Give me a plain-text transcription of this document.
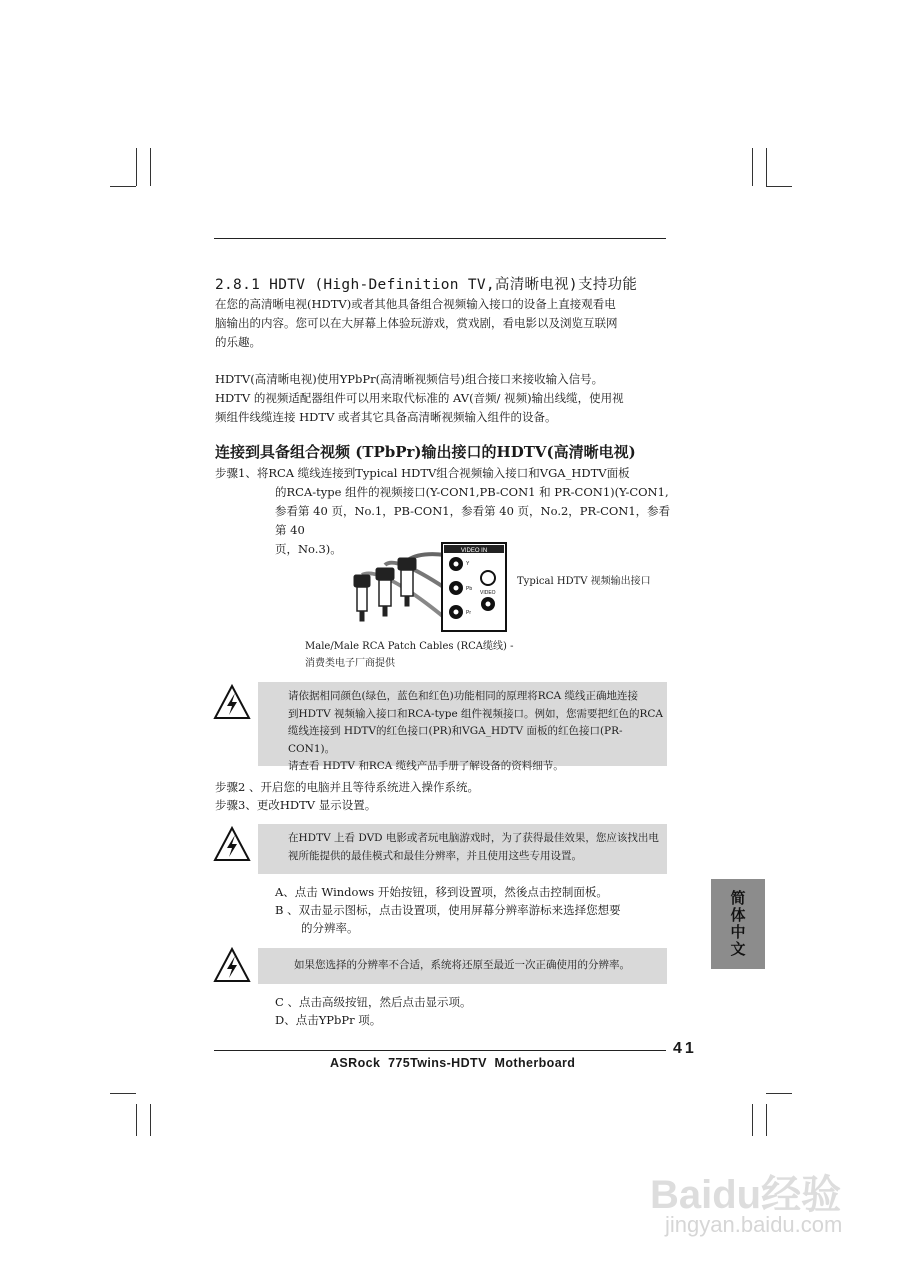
2.8.1 HDTV (High-Definition TV,高清晰电视)支持功能
在您的高清晰电视(HDTV)或者其他具备组合视频输入接口的设备上直接观看电
脑输出的内容。您可以在大屏幕上体验玩游戏，赏戏剧，看电影以及浏览互联网
的乐趣。
HDTV(高清晰电视)使用YPbPr(高清晰视频信号)组合接口来接收输入信号。
HDTV 的视频适配器组件可以用来取代标准的 AV(音频/ 视频)输出线缆，使用视
频组件线缆连接 HDTV 或者其它具备高清晰视频输入组件的设备。
连接到具备组合视频 (TPbPr)输出接口的HDTV(高清晰电视)
步骤1、将RCA 缆线连接到Typical HDTV组合视频输入接口和VGA_HDTV面板
的RCA-type 组件的视频接口(Y-CON1,PB-CON1 和 PR-CON1)(Y-CON1,
参看第 40 页，No.1，PB-CON1，参看第 40 页，No.2，PR-CON1，参看第 40
页，No.3)。	VIDEO IN
Y
Pb
Pr
VIDEO
Typical HDTV 视频输出接口
Male/Male RCA Patch Cables (RCA缆线) -
消费类电子厂商提供
请依据相同颜色(绿色，蓝色和红色)功能相同的原理将RCA 缆线正确地连接
到HDTV 视频输入接口和RCA-type 组件视频接口。例如，您需要把红色的RCA
缆线连接到 HDTV的红色接口(PR)和VGA_HDTV 面板的红色接口(PR-CON1)。
请查看 HDTV 和RCA 缆线产品手册了解设备的资料细节。
步骤2 、开启您的电脑并且等待系统进入操作系统。
步骤3、更改HDTV 显示设置。
在HDTV 上看 DVD 电影或者玩电脑游戏时，为了获得最佳效果，您应该找出电
视所能提供的最佳模式和最佳分辨率，并且使用这些专用设置。
A、点击 Windows 开始按钮，移到设置项，然後点击控制面板。
B 、双击显示图标，点击设置项，使用屏幕分辨率游标来选择您想要
的分辨率。
如果您选择的分辨率不合适，系统将还原至最近一次正确使用的分辨率。
C 、点击高级按钮，然后点击显示项。
D、点击YPbPr 项。
简体中文
41
ASRock  775Twins-HDTV  Motherboard
Baidu经验
jingyan.baidu.com
